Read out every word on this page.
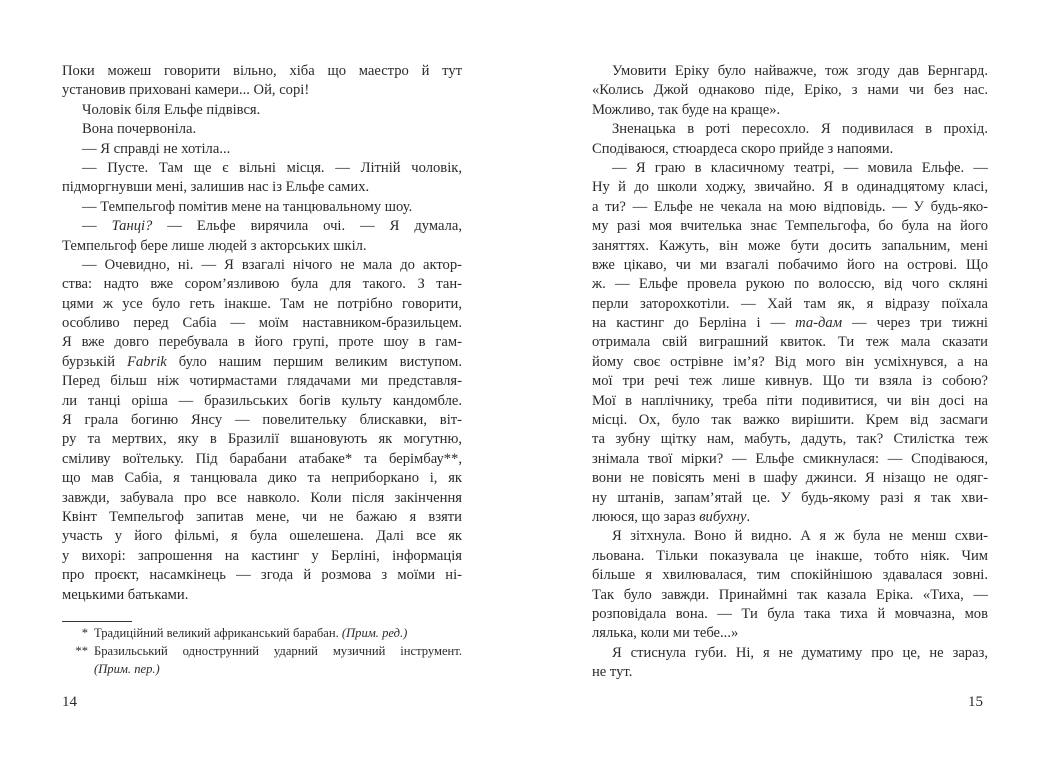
Поки можеш говорити вільно, хіба що маестро й тут
установив приховані камери... Ой, сорі!
Чоловік біля Ельфе підвівся.
Вона почервоніла.
— Я справді не хотіла...
— Пусте. Там ще є вільні місця. — Літній чоловік,
підморгнувши мені, залишив нас із Ельфе самих.
— Темпельгоф помітив мене на танцювальному шоу.
— Танці? — Ельфе вирячила очі. — Я думала,
Темпельгоф бере лише людей з акторських шкіл.
— Очевидно, ні. — Я взагалі нічого не мала до актор-
ства: надто вже сором’язливою була для такого. З тан-
цями ж усе було геть інакше. Там не потрібно говорити,
особливо перед Сабіа — моїм наставником-бразильцем.
Я вже довго перебувала в його групі, проте шоу в гам-
бурзькій Fabrik було нашим першим великим виступом.
Перед більш ніж чотирмастами глядачами ми представля-
ли танці оріша — бразильських богів культу кандомбле.
Я грала богиню Янсу — повелительку блискавки, віт-
ру та мертвих, яку в Бразилії вшановують як могутню,
сміливу воїтельку. Під барабани атабаке* та берімбау**,
що мав Сабіа, я танцювала дико та неприборкано і, як
завжди, забувала про все навколо. Коли після закінчення
Квінт Темпельгоф запитав мене, чи не бажаю я взяти
участь у його фільмі, я була ошелешена. Далі все як
у вихорі: запрошення на кастинг у Берліні, інформація
про проєкт, насамкінець — згода й розмова з моїми ні-
мецькими батьками.
* Традиційний великий африканський барабан. (Прим. ред.)
** Бразильський однострунний ударний музичний інструмент.
(Прим. пер.)
14
Умовити Еріку було найважче, тож згоду дав Бернгард.
«Колись Джой однаково піде, Еріко, з нами чи без нас.
Можливо, так буде на краще».
Зненацька в роті пересохло. Я подивилася в прохід.
Сподіваюся, стюардеса скоро прийде з напоями.
— Я граю в класичному театрі, — мовила Ельфе. —
Ну й до школи ходжу, звичайно. Я в одинадцятому класі,
а ти? — Ельфе не чекала на мою відповідь. — У будь-яко-
му разі моя вчителька знає Темпельгофа, бо була на його
заняттях. Кажуть, він може бути досить запальним, мені
вже цікаво, чи ми взагалі побачимо його на острові. Що
ж. — Ельфе провела рукою по волоссю, від чого скляні
перли заторохкотіли. — Хай там як, я відразу поїхала
на кастинг до Берліна і — та-дам — через три тижні
отримала свій виграшний квиток. Ти теж мала сказати
йому своє острівне ім’я? Від мого він усміхнувся, а на
мої три речі теж лише кивнув. Що ти взяла із собою?
Мої в наплічнику, треба піти подивитися, чи він досі на
місці. Ох, було так важко вирішити. Крем від засмаги
та зубну щітку нам, мабуть, дадуть, так? Стилістка теж
знімала твої мірки? — Ельфе смикнулася: — Сподіваюся,
вони не повісять мені в шафу джинси. Я нізащо не одяг-
ну штанів, запам’ятай це. У будь-якому разі я так хви-
лююся, що зараз вибухну.
Я зітхнула. Воно й видно. А я ж була не менш схви-
льована. Тільки показувала це інакше, тобто ніяк. Чим
більше я хвилювалася, тим спокійнішою здавалася зовні.
Так було завжди. Принаймні так казала Еріка. «Тиха, —
розповідала вона. — Ти була така тиха й мовчазна, мов
лялька, коли ми тебе...»
Я стиснула губи. Ні, я не думатиму про це, не зараз,
не тут.
15
